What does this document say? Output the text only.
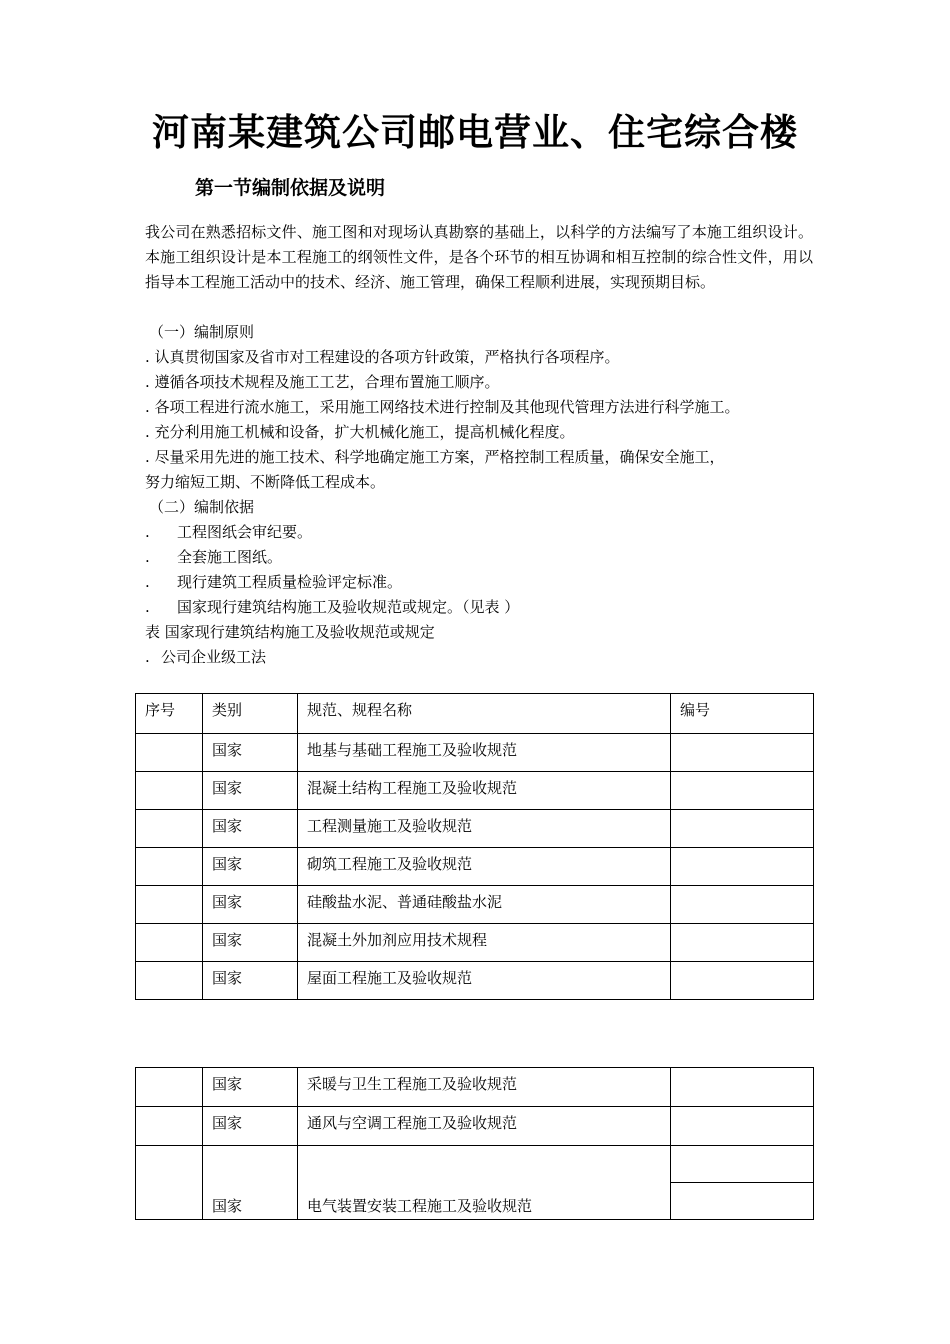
河南某建筑公司邮电营业、住宅综合楼
第一节编制依据及说明
我公司在熟悉招标文件、施工图和对现场认真勘察的基础上，以科学的方法编写了本施工组织设计。本施工组织设计是本工程施工的纲领性文件，是各个环节的相互协调和相互控制的综合性文件，用以指导本工程施工活动中的技术、经济、施工管理，确保工程顺利进展，实现预期目标。
（一）编制原则
. 认真贯彻国家及省市对工程建设的各项方针政策，严格执行各项程序。
. 遵循各项技术规程及施工工艺，合理布置施工顺序。
. 各项工程进行流水施工，采用施工网络技术进行控制及其他现代管理方法进行科学施工。
. 充分利用施工机械和设备，扩大机械化施工，提高机械化程度。
. 尽量采用先进的施工技术、科学地确定施工方案，严格控制工程质量，确保安全施工，
努力缩短工期、不断降低工程成本。
（二）编制依据
. 工程图纸会审纪要。
. 全套施工图纸。
. 现行建筑工程质量检验评定标准。
. 国家现行建筑结构施工及验收规范或规定。（见表 ）
表 国家现行建筑结构施工及验收规范或规定
. 公司企业级工法
序号	类别	规范、规程名称	编号
	国家	地基与基础工程施工及验收规范	
	国家	混凝土结构工程施工及验收规范	
	国家	工程测量施工及验收规范	
	国家	砌筑工程施工及验收规范	
	国家	硅酸盐水泥、普通硅酸盐水泥	
	国家	混凝土外加剂应用技术规程	
	国家	屋面工程施工及验收规范	
	国家	采暖与卫生工程施工及验收规范	
	国家	通风与空调工程施工及验收规范	
	国家	电气装置安装工程施工及验收规范	
